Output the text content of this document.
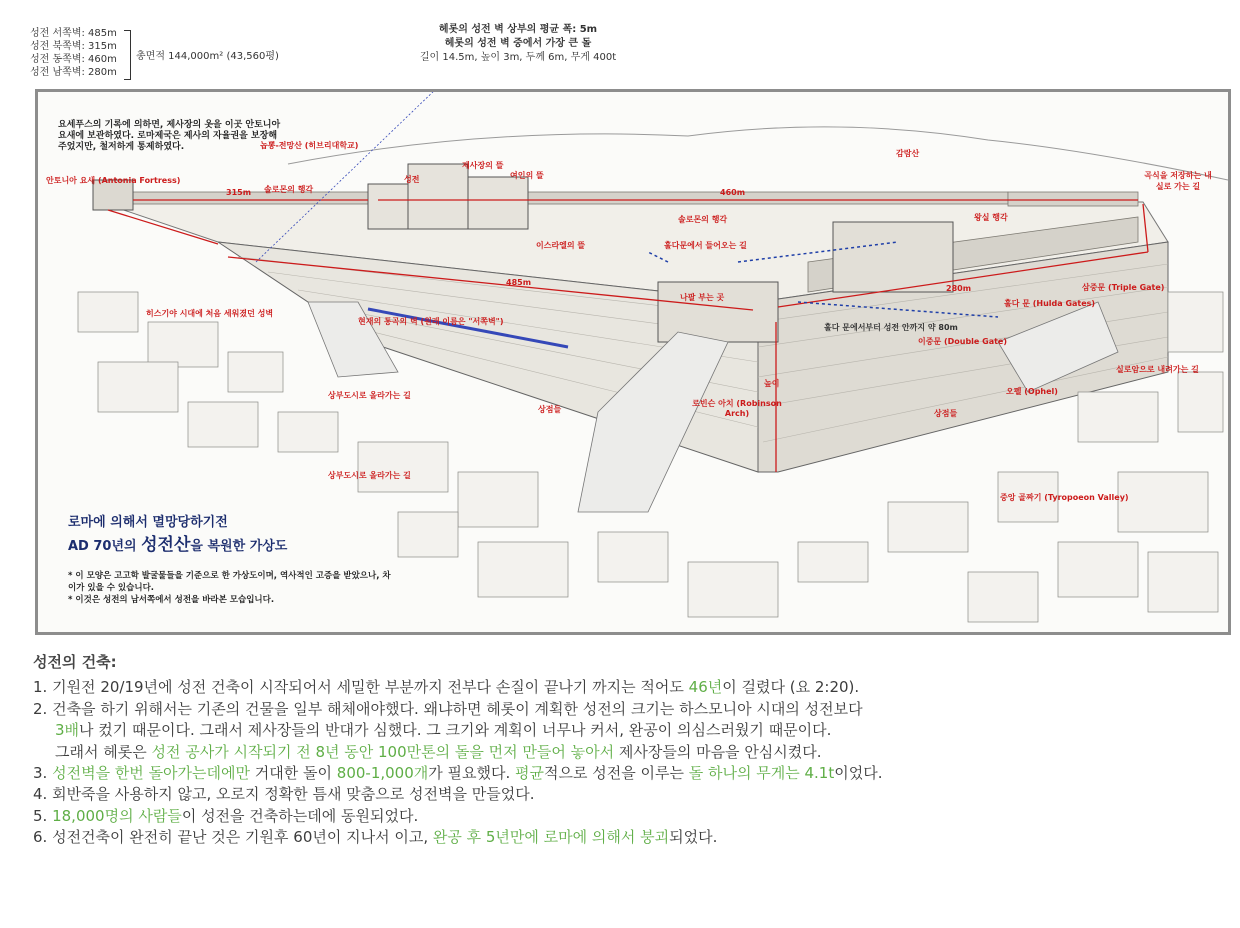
성전 서쪽벽: 485m
성전 북쪽벽: 315m
성전 동쪽벽: 460m
성전 남쪽벽: 280m
총면적 144,000m² (43,560평)
헤롯의 성전 벽 상부의 평균 폭: 5m
헤롯의 성전 벽 중에서 가장 큰 돌
길이 14.5m, 높이 3m, 두께 6m, 무게 400t
요세푸스의 기록에 의하면, 제사장의 옷을 이곳 안토니아 요새에 보관하였다. 로마제국은 제사의 자율권을 보장해 주었지만, 철저하게 통제하였다.
안토니아 요새 (Antonia Fortress)
315m 솔로몬의 행각
성전
제사장의 뜰
여인의 뜰
놉뽕-전망산 (히브리대학교)
감람산
460m
곡식을 저장하는 내실로 가는 길
왕실 행각
솔로몬의 행각
이스라엘의 뜰	훌다문에서 들어오는 길
485m
히스기야 시대에 처음 세워졌던 성벽
현재의 통곡의 벽 (원래 이름은 "서쪽벽")
나팔 부는 곳
280m
훌다 문 (Hulda Gates)
삼중문 (Triple Gate)
훌다 문에서부터 성전 안까지 약 80m
이중문 (Double Gate)
오펠 (Ophel)
실로암으로 내려가는 길
상부도시로 올라가는 길
상부도시로 올라가는 길
상점들	상점들
로빈슨 아치 (Robinson Arch)
높이
중앙 골짜기 (Tyropoeon Valley)
로마에 의해서 멸망당하기전
AD 70년의 성전산을 복원한 가상도
* 이 모양은 고고학 발굴물들을 기준으로 한 가상도이며, 역사적인 고증을 받았으나, 차이가 있을 수 있습니다.
* 이것은 성전의 남서쪽에서 성전을 바라본 모습입니다.
성전의 건축:

1. 기원전 20/19년에 성전 건축이 시작되어서 세밀한 부분까지 전부다 손질이 끝나기 까지는 적어도 46년이 걸렸다 (요 2:20).

2. 건축을 하기 위해서는 기존의 건물을 일부 해체애야했다. 왜냐하면 헤롯이 계획한 성전의 크기는 하스모니아 시대의 성전보다

3배나 컸기 때문이다. 그래서 제사장들의 반대가 심했다. 그 크기와 계획이 너무나 커서, 완공이 의심스러웠기 때문이다.

그래서 헤롯은 성전 공사가 시작되기 전 8년 동안 100만톤의 돌을 먼저 만들어 놓아서 제사장들의 마음을 안심시켰다.

3. 성전벽을 한번 돌아가는데에만 거대한 돌이 800-1,000개가 필요했다. 평균적으로 성전을 이루는 돌 하나의 무게는 4.1t이었다.

4. 회반죽을 사용하지 않고, 오로지 정확한 틈새 맞춤으로 성전벽을 만들었다.

5. 18,000명의 사람들이 성전을 건축하는데에 동원되었다.

6. 성전건축이 완전히 끝난 것은 기원후 60년이 지나서 이고, 완공 후 5년만에 로마에 의해서 붕괴되었다.
